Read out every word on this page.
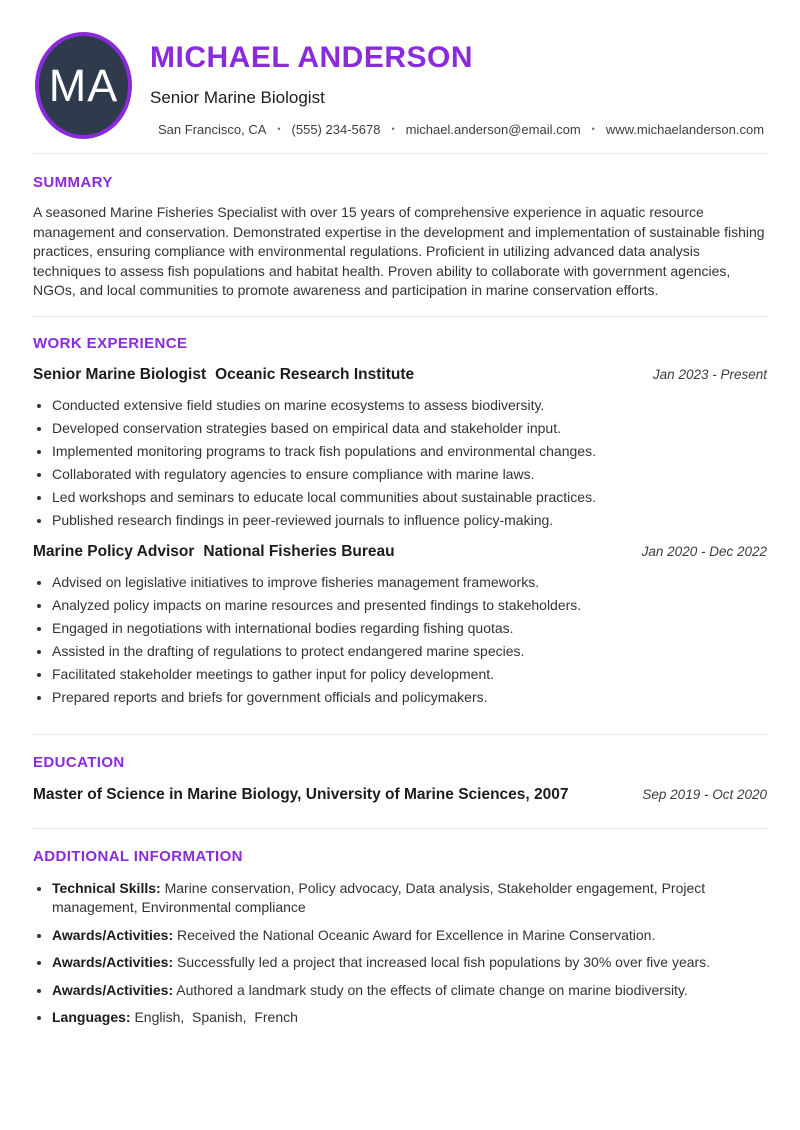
MA
MICHAEL ANDERSON
Senior Marine Biologist
San Francisco, CA • (555) 234-5678 • michael.anderson@email.com • www.michaelanderson.com
SUMMARY

A seasoned Marine Fisheries Specialist with over 15 years of comprehensive experience in aquatic resource management and conservation. Demonstrated expertise in the development and implementation of sustainable fishing practices, ensuring compliance with environmental regulations. Proficient in utilizing advanced data analysis techniques to assess fish populations and habitat health. Proven ability to collaborate with government agencies, NGOs, and local communities to promote awareness and participation in marine conservation efforts.

WORK EXPERIENCE
Senior Marine Biologist Oceanic Research Institute	Jan 2023 - Present
• Conducted extensive field studies on marine ecosystems to assess biodiversity.
• Developed conservation strategies based on empirical data and stakeholder input.
• Implemented monitoring programs to track fish populations and environmental changes.
• Collaborated with regulatory agencies to ensure compliance with marine laws.
• Led workshops and seminars to educate local communities about sustainable practices.
• Published research findings in peer-reviewed journals to influence policy-making.
Marine Policy Advisor National Fisheries Bureau	Jan 2020 - Dec 2022
• Advised on legislative initiatives to improve fisheries management frameworks.
• Analyzed policy impacts on marine resources and presented findings to stakeholders.
• Engaged in negotiations with international bodies regarding fishing quotas.
• Assisted in the drafting of regulations to protect endangered marine species.
• Facilitated stakeholder meetings to gather input for policy development.
• Prepared reports and briefs for government officials and policymakers.
EDUCATION
Master of Science in Marine Biology, University of Marine Sciences, 2007	Sep 2019 - Oct 2020
ADDITIONAL INFORMATION
• Technical Skills: Marine conservation, Policy advocacy, Data analysis, Stakeholder engagement, Project management, Environmental compliance
• Awards/Activities: Received the National Oceanic Award for Excellence in Marine Conservation.
• Awards/Activities: Successfully led a project that increased local fish populations by 30% over five years.
• Awards/Activities: Authored a landmark study on the effects of climate change on marine biodiversity.
• Languages: English,  Spanish,  French
